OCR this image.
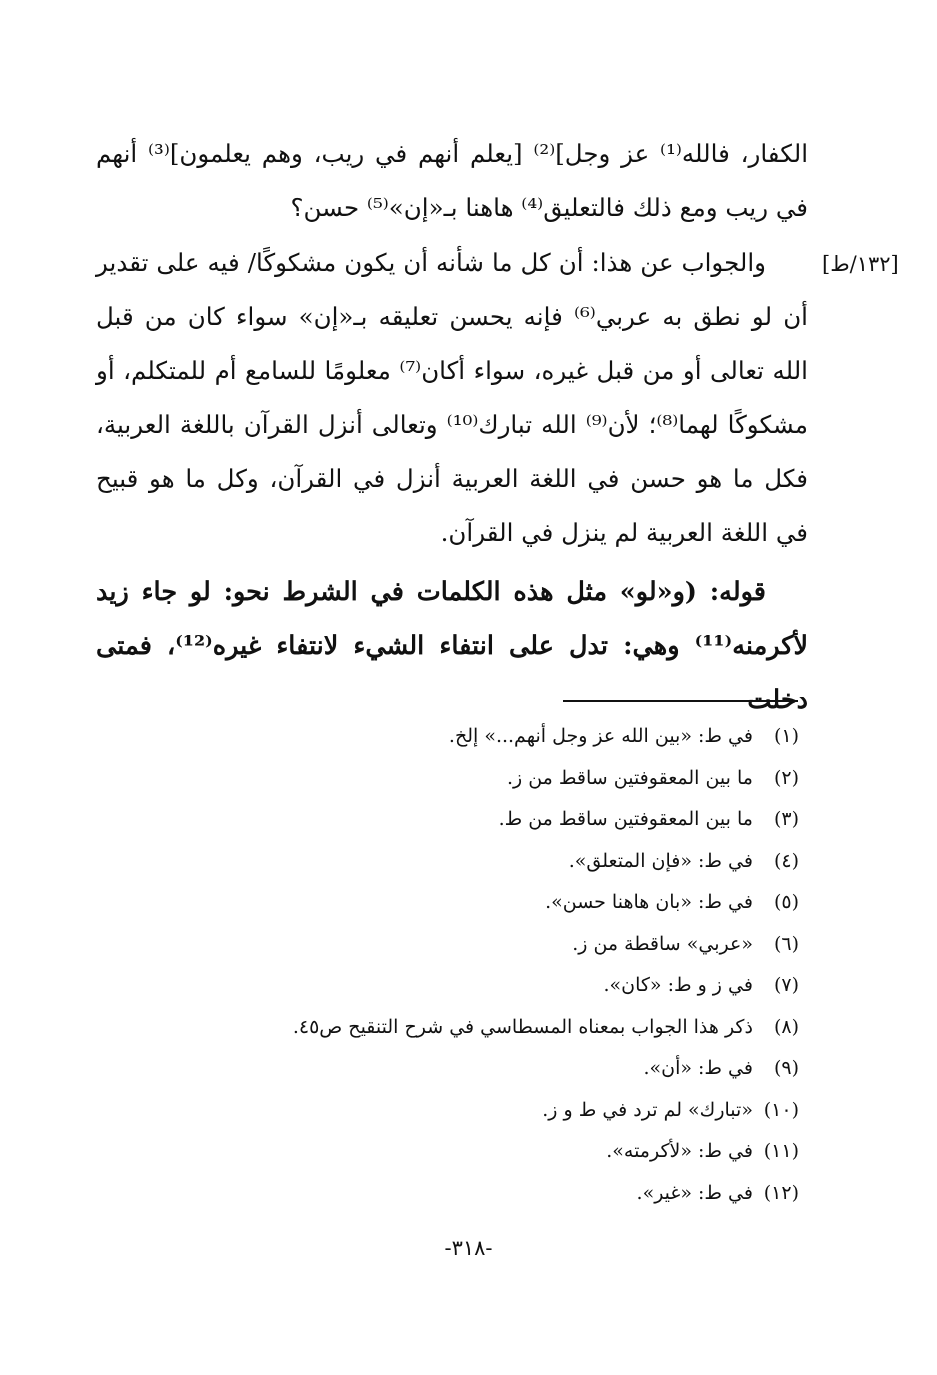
[١٣٢/ط]

الكفار، فالله⁽¹⁾ عز وجل]⁽²⁾ [يعلم أنهم في ريب، وهم يعلمون]⁽³⁾ أنهم في ريب ومع ذلك فالتعليق⁽⁴⁾ هاهنا بـ«إن»⁽⁵⁾ حسن؟

والجواب عن هذا: أن كل ما شأنه أن يكون مشكوكًا/ فيه على تقدير أن لو نطق به عربي⁽⁶⁾ فإنه يحسن تعليقه بـ«إن» سواء كان من قبل الله تعالى أو من قبل غيره، سواء أكان⁽⁷⁾ معلومًا للسامع أم للمتكلم، أو مشكوكًا لهما⁽⁸⁾؛ لأن⁽⁹⁾ الله تبارك⁽¹⁰⁾ وتعالى أنزل القرآن باللغة العربية، فكل ما هو حسن في اللغة العربية أنزل في القرآن، وكل ما هو قبيح في اللغة العربية لم ينزل في القرآن.

قوله: (و«لو» مثل هذه الكلمات في الشرط نحو: لو جاء زيد لأكرمنه⁽¹¹⁾ وهي: تدل على انتفاء الشيء لانتفاء غيره⁽¹²⁾، فمتى دخلت

(١) في ط: «بين الله عز وجل أنهم...» إلخ.
(٢) ما بين المعقوفتين ساقط من ز.
(٣) ما بين المعقوفتين ساقط من ط.
(٤) في ط: «فإن المتعلق».
(٥) في ط: «بان هاهنا حسن».
(٦) «عربي» ساقطة من ز.
(٧) في ز و ط: «كان».
(٨) ذكر هذا الجواب بمعناه المسطاسي في شرح التنقيح ص٤٥.
(٩) في ط: «أن».
(١٠) «تبارك» لم ترد في ط و ز.
(١١) في ط: «لأكرمته».
(١٢) في ط: «غير».
-٣١٨-
